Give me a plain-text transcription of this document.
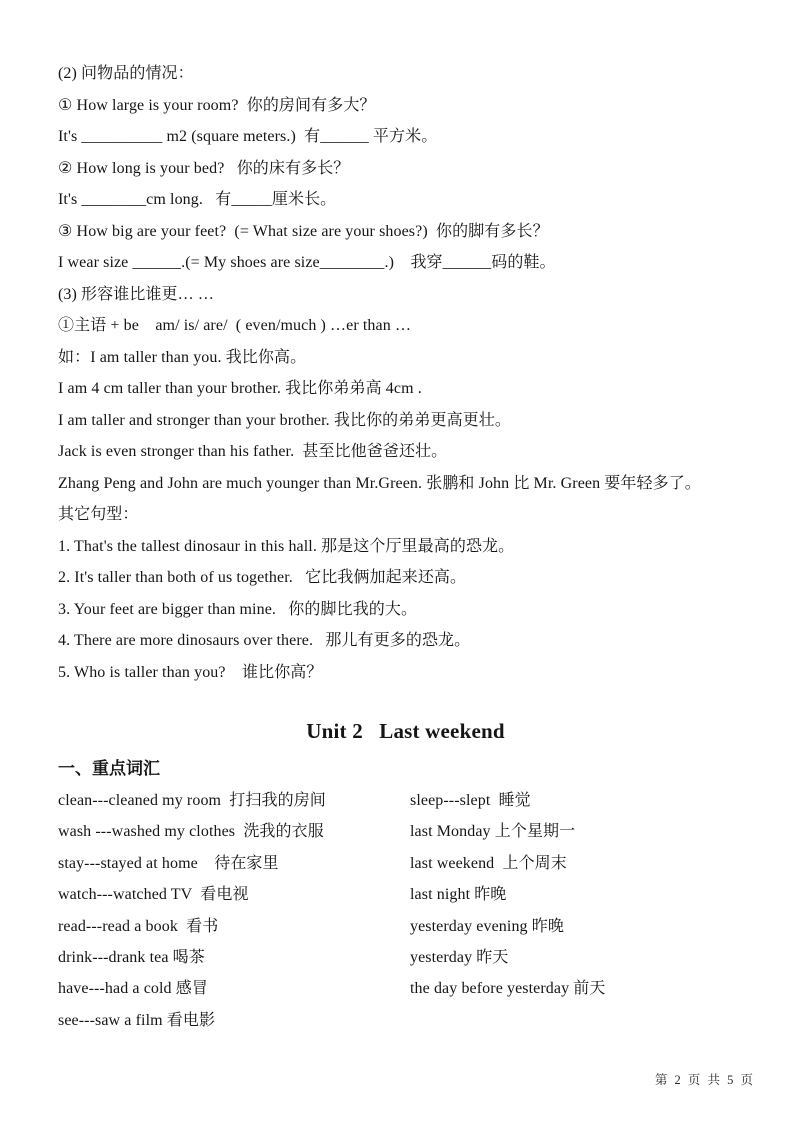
(2) 问物品的情况：
① How large is your room?  你的房间有多大？
It's __________ m2 (square meters.)  有______ 平方米。
② How long is your bed?   你的床有多长？
It's ________cm long.   有_____厘米长。
③ How big are your feet?  (= What size are your shoes?)  你的脚有多长？
I wear size ______.(= My shoes are size________.)    我穿______码的鞋。
(3) 形容谁比谁更… …
①主语 + be    am/ is/ are/  ( even/much ) …er than …
如：I am taller than you. 我比你高。
I am 4 cm taller than your brother. 我比你弟弟高 4cm .
I am taller and stronger than your brother. 我比你的弟弟更高更壮。
Jack is even stronger than his father.  甚至比他爸爸还壮。
Zhang Peng and John are much younger than Mr.Green. 张鹏和 John 比 Mr. Green 要年轻多了。
其它句型：
1. That's the tallest dinosaur in this hall. 那是这个厅里最高的恐龙。
2. It's taller than both of us together.   它比我俩加起来还高。
3. Your feet are bigger than mine.   你的脚比我的大。
4. There are more dinosaurs over there.   那儿有更多的恐龙。
5. Who is taller than you?    谁比你高？
Unit 2   Last weekend
一、重点词汇
clean---cleaned my room  打扫我的房间	sleep---slept  睡觉
wash ---washed my clothes  洗我的衣服	last Monday 上个星期一
stay---stayed at home    待在家里	last weekend  上个周末
watch---watched TV  看电视	last night 昨晚
read---read a book  看书	yesterday evening 昨晚
drink---drank tea 喝茶	yesterday 昨天
have---had a cold 感冒	the day before yesterday 前天
see---saw a film 看电影
第 2 页 共 5 页
